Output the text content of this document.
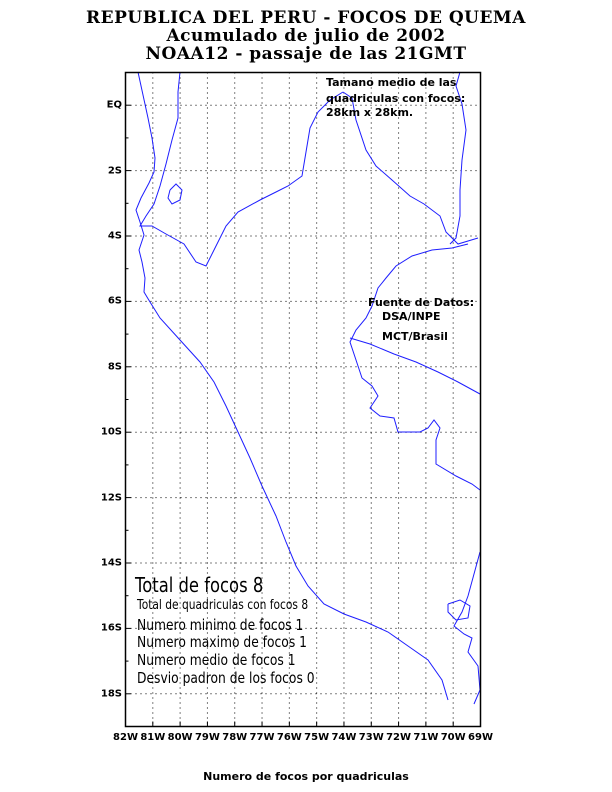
REPUBLICA DEL PERU - FOCOS DE QUEMA
Acumulado de julio de 2002
NOAA12 - passaje de las 21GMT
Tamano medio de las
quadriculas con focos:
28km x 28km.
Fuente de Datos:
DSA/INPE
MCT/Brasil
Total de focos 8
Total de quadriculas con focos 8
Numero minimo de focos 1
Numero maximo de focos 1
Numero medio de focos 1
Desvio padron de los focos 0
82W 81W 80W 79W 78W 77W 76W 75W 74W 73W 72W 71W 70W 69W
EQ
2S
4S
6S
8S
10S
12S
14S
16S
18S
Numero de focos por quadriculas
